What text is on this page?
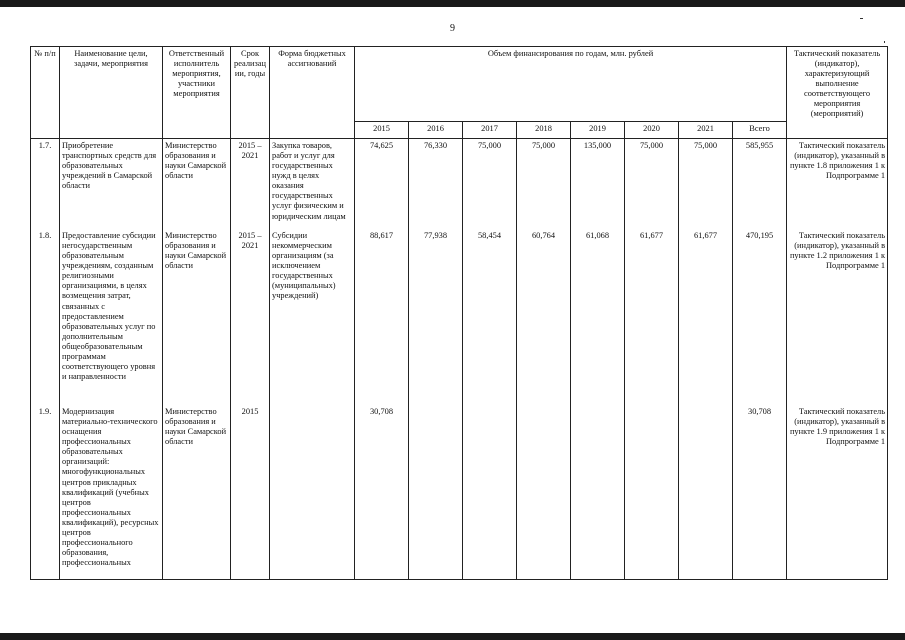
9
№ п/п	Наименование цели, задачи, мероприятия	Ответственный исполнитель мероприятия, участники мероприятия	Срок реализации, годы	Форма бюджетных ассигнований	Объем финансирования по годам, млн. рублей								Тактический показатель (индикатор), характеризующий выполнение соответствующего мероприятия (мероприятий)
					2015	2016	2017	2018	2019	2020	2021	Всего	
1.7.	Приобретение транспортных средств для образовательных учреждений в Самарской области	Министерство образования и науки Самарской области	2015 – 2021	Закупка товаров, работ и услуг для государственных нужд в целях оказания государственных услуг физическим и юридическим лицам	74,625	76,330	75,000	75,000	135,000	75,000	75,000	585,955	Тактический показатель (индикатор), указанный в пункте 1.8 приложения 1 к Подпрограмме 1
1.8.	Предоставление субсидии негосударственным образовательным учреждениям, созданным религиозными организациями, в целях возмещения затрат, связанных с предоставлением образовательных услуг по дополнительным общеобразовательным программам соответствующего уровня и направленности	Министерство образования и науки Самарской области	2015 – 2021	Субсидии некоммерческим организациям (за исключением государственных (муниципальных) учреждений)	88,617	77,938	58,454	60,764	61,068	61,677	61,677	470,195	Тактический показатель (индикатор), указанный в пункте 1.2 приложения 1 к Подпрограмме 1
1.9.	Модернизация материально-технического оснащения профессиональных образовательных организаций: многофункциональных центров прикладных квалификаций (учебных центров профессиональных квалификаций), ресурсных центров профессионального образования, профессиональных	Министерство образования и науки Самарской области	2015		30,708							30,708	Тактический показатель (индикатор), указанный в пункте 1.9 приложения 1 к Подпрограмме 1
